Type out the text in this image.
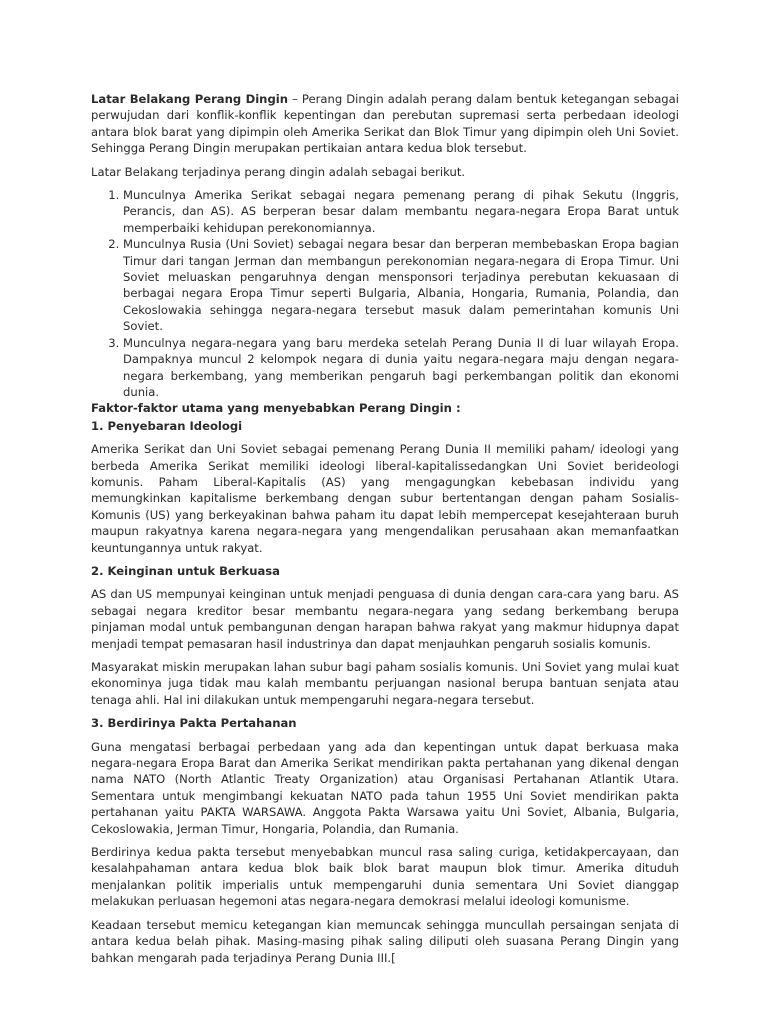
Latar Belakang Perang Dingin – Perang Dingin adalah perang dalam bentuk ketegangan sebagai perwujudan dari konflik-konflik kepentingan dan perebutan supremasi serta perbedaan ideologi antara blok barat yang dipimpin oleh Amerika Serikat dan Blok Timur yang dipimpin oleh Uni Soviet. Sehingga Perang Dingin merupakan pertikaian antara kedua blok tersebut.

Latar Belakang terjadinya perang dingin adalah sebagai berikut.

1. Munculnya Amerika Serikat sebagai negara pemenang perang di pihak Sekutu (Inggris, Perancis, dan AS). AS berperan besar dalam membantu negara-negara Eropa Barat untuk memperbaiki kehidupan perekonomiannya.
2. Munculnya Rusia (Uni Soviet) sebagai negara besar dan berperan membebaskan Eropa bagian Timur dari tangan Jerman dan membangun perekonomian negara-negara di Eropa Timur. Uni Soviet meluaskan pengaruhnya dengan mensponsori terjadinya perebutan kekuasaan di berbagai negara Eropa Timur seperti Bulgaria, Albania, Hongaria, Rumania, Polandia, dan Cekoslowakia sehingga negara-negara tersebut masuk dalam pemerintahan komunis Uni Soviet.
3. Munculnya negara-negara yang baru merdeka setelah Perang Dunia II di luar wilayah Eropa. Dampaknya muncul 2 kelompok negara di dunia yaitu negara-negara maju dengan negara-negara berkembang, yang memberikan pengaruh bagi perkembangan politik dan ekonomi dunia.
Faktor-faktor utama yang menyebabkan Perang Dingin :
1. Penyebaran Ideologi

Amerika Serikat dan Uni Soviet sebagai pemenang Perang Dunia II memiliki paham/ ideologi yang berbeda Amerika Serikat memiliki ideologi liberal-kapitalissedangkan Uni Soviet berideologi komunis. Paham Liberal-Kapitalis (AS) yang mengagungkan kebebasan individu yang memungkinkan kapitalisme berkembang dengan subur bertentangan dengan paham Sosialis-Komunis (US) yang berkeyakinan bahwa paham itu dapat lebih mempercepat kesejahteraan buruh maupun rakyatnya karena negara-negara yang mengendalikan perusahaan akan memanfaatkan keuntungannya untuk rakyat.

2. Keinginan untuk Berkuasa

AS dan US mempunyai keinginan untuk menjadi penguasa di dunia dengan cara-cara yang baru. AS sebagai negara kreditor besar membantu negara-negara yang sedang berkembang berupa pinjaman modal untuk pembangunan dengan harapan bahwa rakyat yang makmur hidupnya dapat menjadi tempat pemasaran hasil industrinya dan dapat menjauhkan pengaruh sosialis komunis.

Masyarakat miskin merupakan lahan subur bagi paham sosialis komunis. Uni Soviet yang mulai kuat ekonominya juga tidak mau kalah membantu perjuangan nasional berupa bantuan senjata atau tenaga ahli. Hal ini dilakukan untuk mempengaruhi negara-negara tersebut.

3. Berdirinya Pakta Pertahanan

Guna mengatasi berbagai perbedaan yang ada dan kepentingan untuk dapat berkuasa maka negara-negara Eropa Barat dan Amerika Serikat mendirikan pakta pertahanan yang dikenal dengan nama NATO (North Atlantic Treaty Organization) atau Organisasi Pertahanan Atlantik Utara. Sementara untuk mengimbangi kekuatan NATO pada tahun 1955 Uni Soviet mendirikan pakta pertahanan yaitu PAKTA WARSAWA. Anggota Pakta Warsawa yaitu Uni Soviet, Albania, Bulgaria, Cekoslowakia, Jerman Timur, Hongaria, Polandia, dan Rumania.

Berdirinya kedua pakta tersebut menyebabkan muncul rasa saling curiga, ketidakpercayaan, dan kesalahpahaman antara kedua blok baik blok barat maupun blok timur. Amerika dituduh menjalankan politik imperialis untuk mempengaruhi dunia sementara Uni Soviet dianggap melakukan perluasan hegemoni atas negara-negara demokrasi melalui ideologi komunisme.

Keadaan tersebut memicu ketegangan kian memuncak sehingga muncullah persaingan senjata di antara kedua belah pihak. Masing-masing pihak saling diliputi oleh suasana Perang Dingin yang bahkan mengarah pada terjadinya Perang Dunia III.[
